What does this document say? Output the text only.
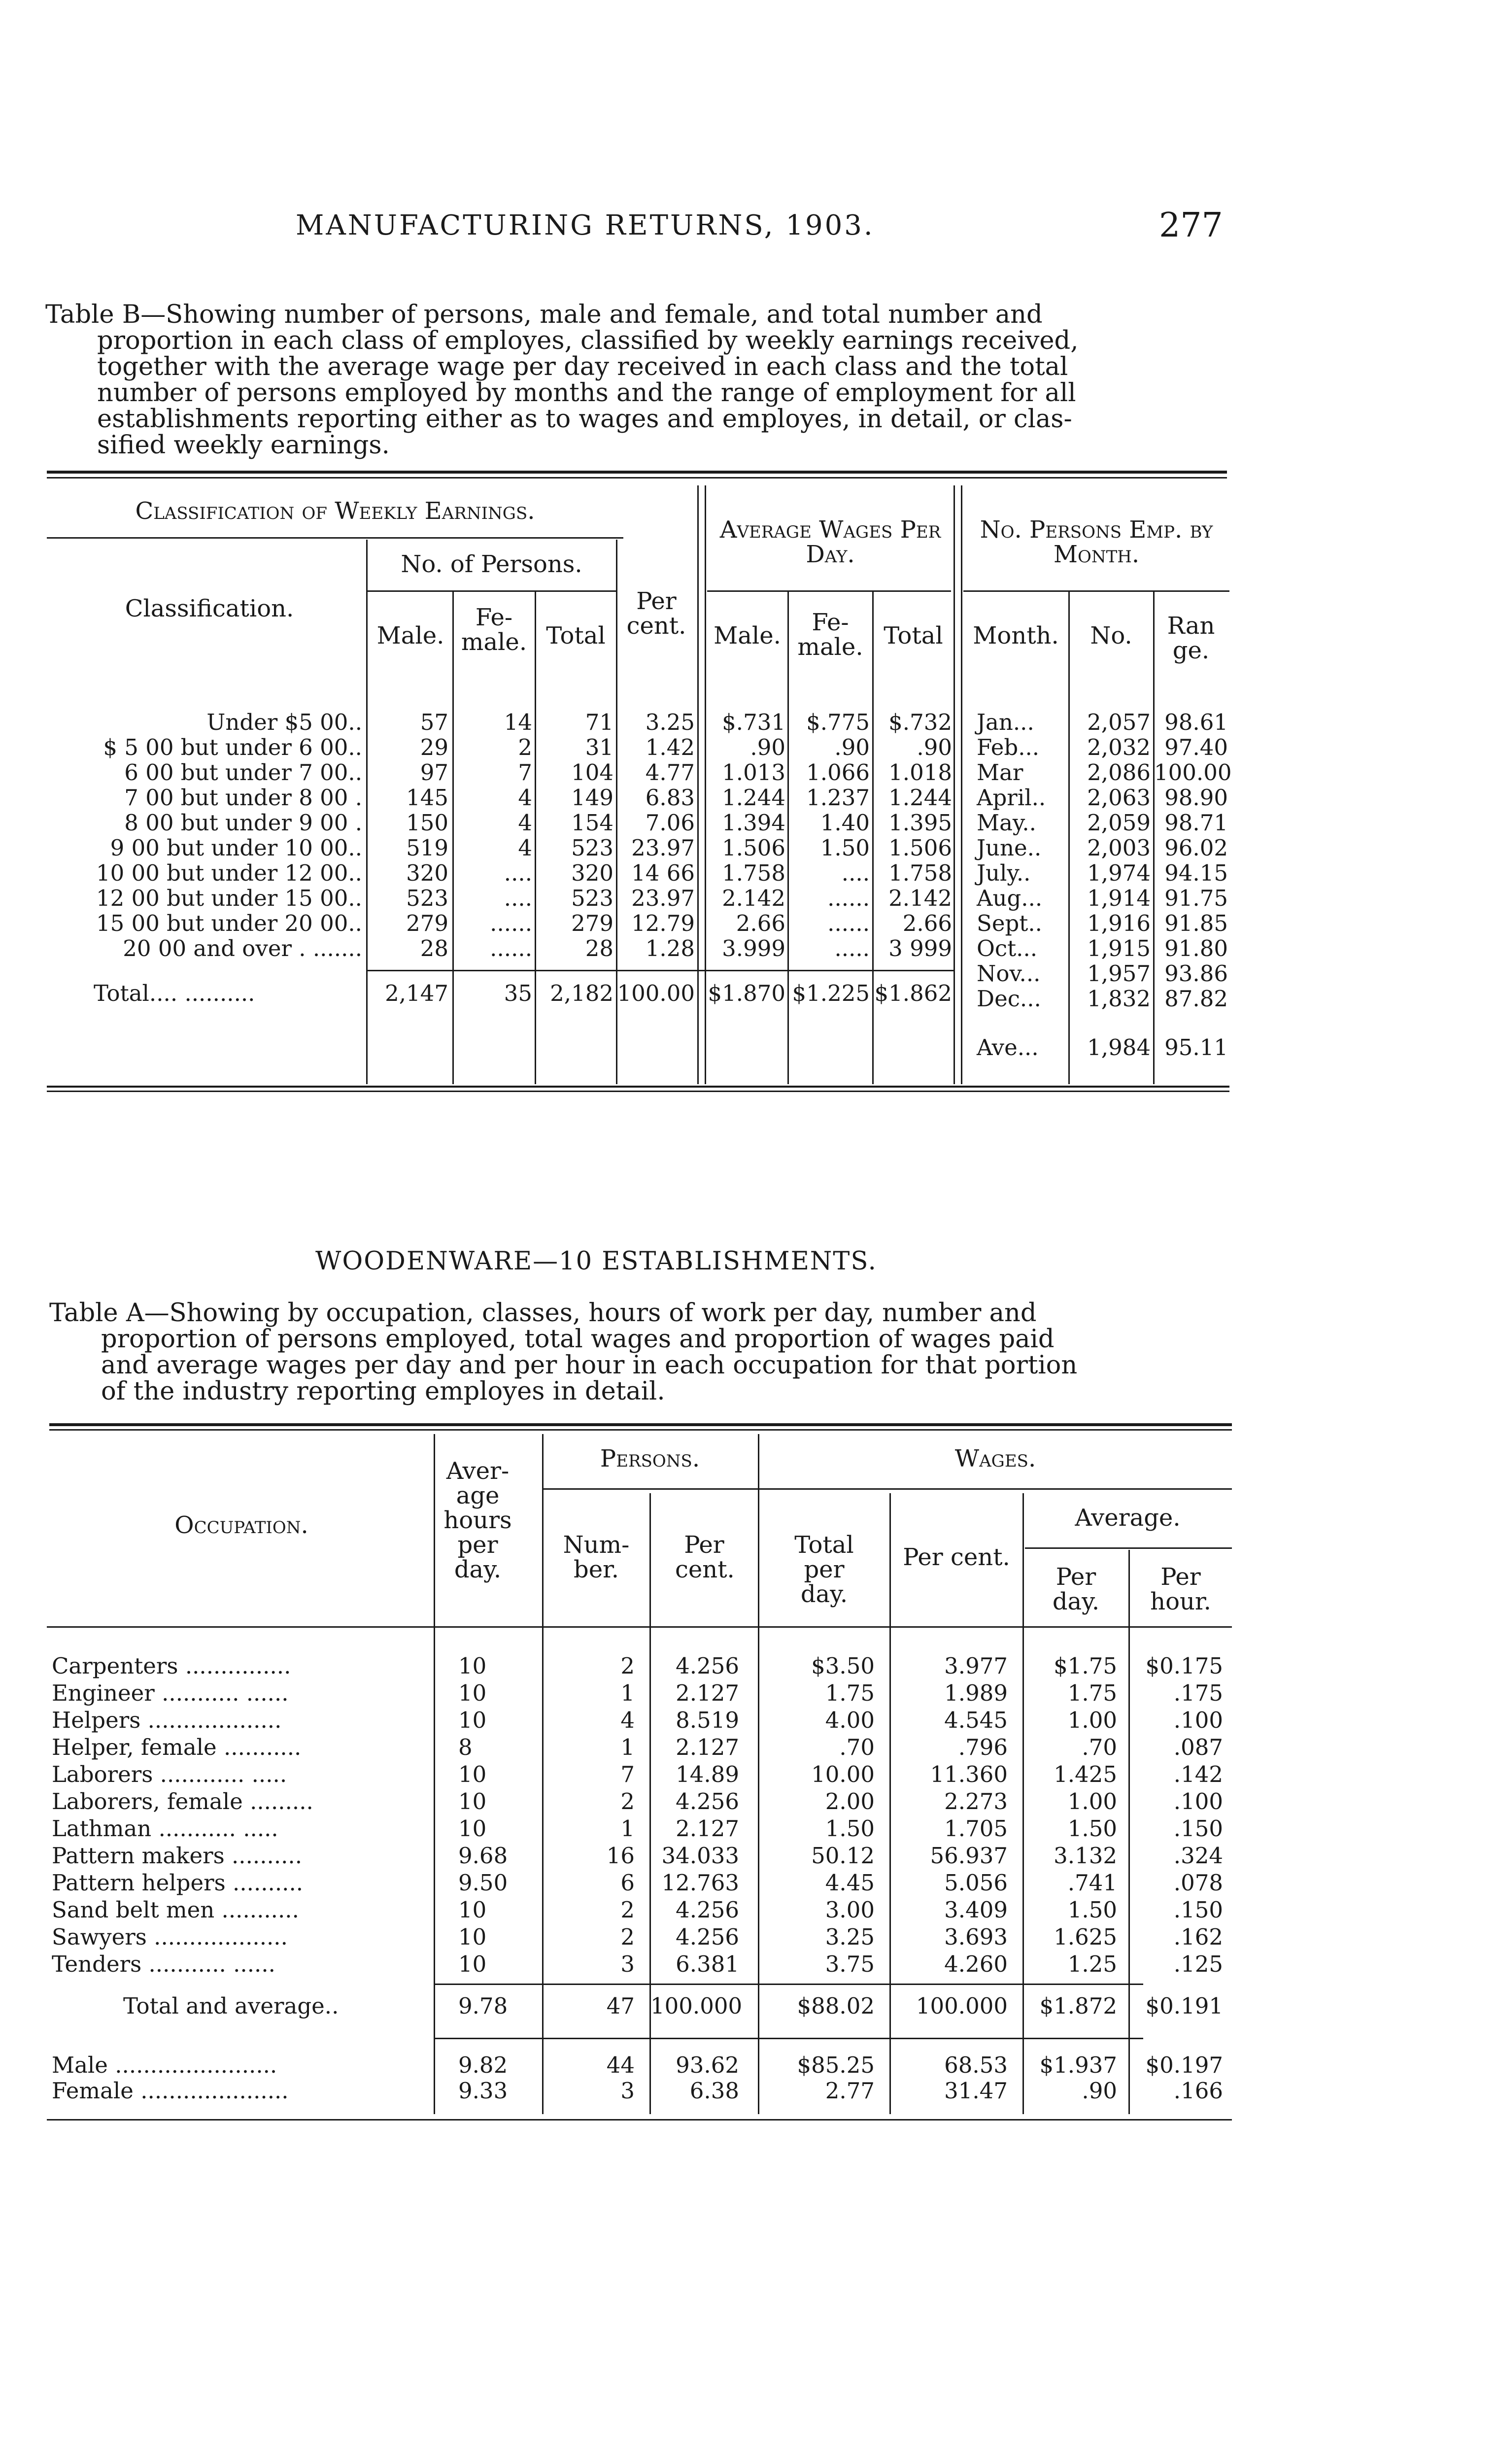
MANUFACTURING RETURNS, 1903.	277
Table B—Showing number of persons, male and female, and total number and
proportion in each class of employes, classified by weekly earnings received,
together with the average wage per day received in each class and the total
number of persons employed by months and the range of employment for all
establishments reporting either as to wages and employes, in detail, or clas-
sified weekly earnings.
Classification of Weekly Earnings.
Classification.
No. of Persons.
Male.
Fe- male. Total
Per cent.
Average Wages Per Day.
Male.	Fe- male. Total
No. Persons Emp. by Month.
Month.	No.	Ran ge.
Under $5 00..	57	14	71	3.25	$.731 $.775 $.732
$ 5 00 but under 6 00..	29	2	31	1.42	.90	.90	.90
6 00 but under 7 00..	97	7	104	4.77	1.013 1.066 1.018
7 00 but under 8 00 .	145	4	149	6.83	1.244 1.237 1.244
8 00 but under 9 00 .	150	4	154	7.06	1.394	1.40 1.395
9 00 but under 10 00..	519	4	523 23.97	1.506	1.50 1.506
10 00 but under 12 00..	320	....	320 14 66	1.758	.... 1.758
12 00 but under 15 00..	523	....	523 23.97	2.142	...... 2.142
15 00 but under 20 00..	279	......	279 12.79	2.66	......	2.66
20 00 and over . .......	28	......	28	1.28	3.999	..... 3 999
Total.... ..........	2,147	35 2,182 100.00 $1.870 $1.225 $1.862
Jan...	2,057 98.61
Feb...	2,032 97.40
Mar	2,086 100.00
April..	2,063 98.90
May..	2,059 98.71
June..	2,003 96.02
July..	1,974 94.15
Aug...	1,914 91.75
Sept..	1,916 91.85
Oct...	1,915 91.80
Nov...	1,957 93.86
Dec...	1,832 87.82
Ave...	1,984 95.11
WOODENWARE—10 ESTABLISHMENTS.
Table A—Showing by occupation, classes, hours of work per day, number and
proportion of persons employed, total wages and proportion of wages paid
and average wages per day and per hour in each occupation for that portion
of the industry reporting employes in detail.
Occupation.
Aver- age hours per day.
Persons.
Num- ber.
Per cent.
Wages.
Total per day.
Per cent.
Average.
Per day.
Per hour.
Carpenters ...............	10	2	4.256	$3.50	3.977	$1.75	$0.175
Engineer ........... ......	10	1	2.127	1.75	1.989	1.75	.175
Helpers ...................	10	4	8.519	4.00	4.545	1.00	.100
Helper, female ...........	8	1	2.127	.70	.796	.70	.087
Laborers ............ .....	10	7	14.89	10.00	11.360	1.425	.142
Laborers, female .........	10	2	4.256	2.00	2.273	1.00	.100
Lathman ........... .....	10	1	2.127	1.50	1.705	1.50	.150
Pattern makers ..........	9.68	16	34.033	50.12	56.937	3.132	.324
Pattern helpers ..........	9.50	6	12.763	4.45	5.056	.741	.078
Sand belt men ...........	10	2	4.256	3.00	3.409	1.50	.150
Sawyers ...................	10	2	4.256	3.25	3.693	1.625	.162
Tenders ........... ......	10	3	6.381	3.75	4.260	1.25	.125
Total and average..	9.78	47 100.000	$88.02	100.000	$1.872	$0.191
Male .......................	9.82	44	93.62	$85.25	68.53	$1.937	$0.197
Female .....................	9.33	3	6.38	2.77	31.47	.90	.166
